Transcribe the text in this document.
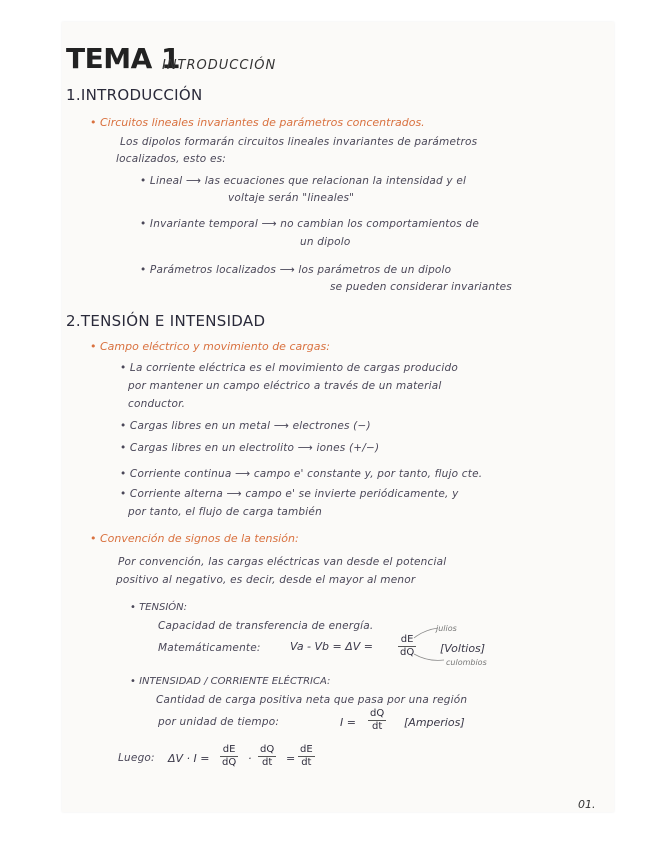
TEMA 1
INTRODUCCIÓN
1.INTRODUCCIÓN
• Circuitos lineales invariantes de parámetros concentrados.
Los dipolos formarán circuitos lineales invariantes de parámetros
localizados, esto es:
• Lineal ⟶ las ecuaciones que relacionan la intensidad y el
voltaje serán "lineales"
• Invariante temporal ⟶ no cambian los comportamientos de
un dipolo
• Parámetros localizados ⟶ los parámetros de un dipolo
se pueden considerar invariantes
2.TENSIÓN E INTENSIDAD
• Campo eléctrico y movimiento de cargas:
• La corriente eléctrica es el movimiento de cargas producido
por mantener un campo eléctrico a través de un material
conductor.
• Cargas libres en un metal ⟶ electrones (−)
• Cargas libres en un electrolito ⟶ iones (+/−)
• Corriente continua ⟶ campo e' constante y, por tanto, flujo cte.
• Corriente alterna ⟶ campo e' se invierte periódicamente, y
por tanto, el flujo de carga también
• Convención de signos de la tensión:
Por convención, las cargas eléctricas van desde el potencial
positivo al negativo, es decir, desde el mayor al menor
• TENSIÓN:
Capacidad de transferencia de energía.	julios
Matemáticamente:	$Va - Vb = \Delta V = \frac{dE}{dQ}$ [Voltios]
culombios
• INTENSIDAD / CORRIENTE ELÉCTRICA:
Cantidad de carga positiva neta que pasa por una región
por unidad de tiempo:	$I = \frac{dQ}{dt}$ [Amperios]
Luego: $\Delta V \cdot I = \frac{dE}{dQ} \cdot \frac{dQ}{dt} = \frac{dE}{dt}$
01.
